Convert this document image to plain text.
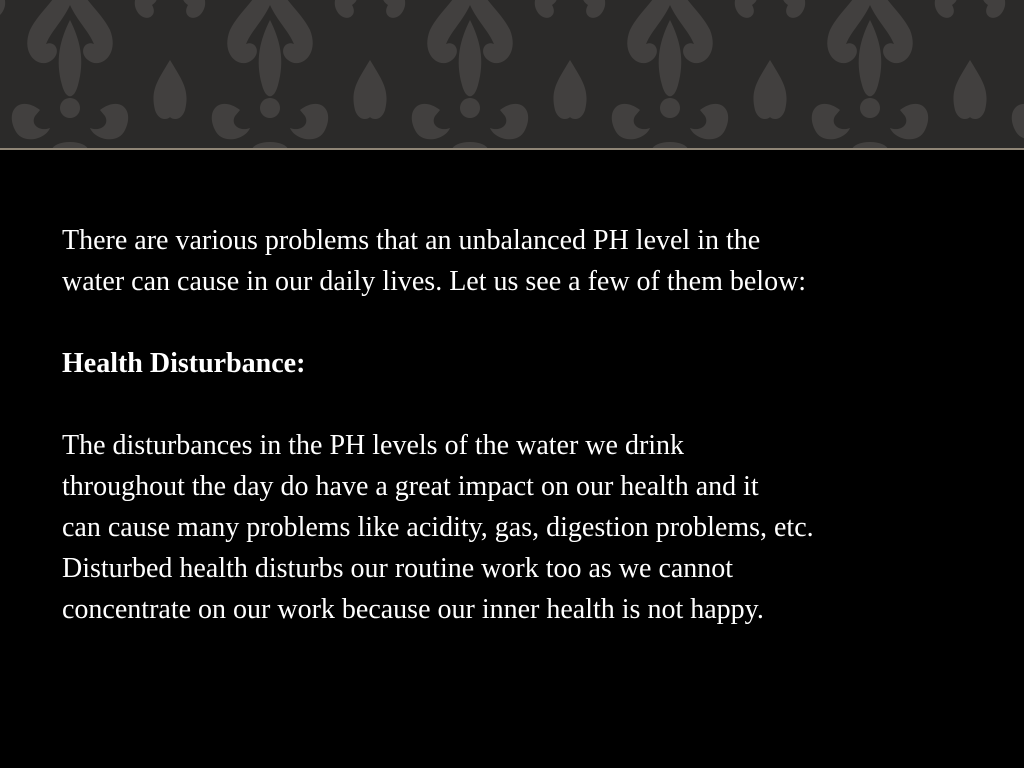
There are various problems that an unbalanced PH level in the
water can cause in our daily lives. Let us see a few of them below:

Health Disturbance:

The disturbances in the PH levels of the water we drink
throughout the day do have a great impact on our health and it
can cause many problems like acidity, gas, digestion problems, etc.
Disturbed health disturbs our routine work too as we cannot
concentrate on our work because our inner health is not happy.
